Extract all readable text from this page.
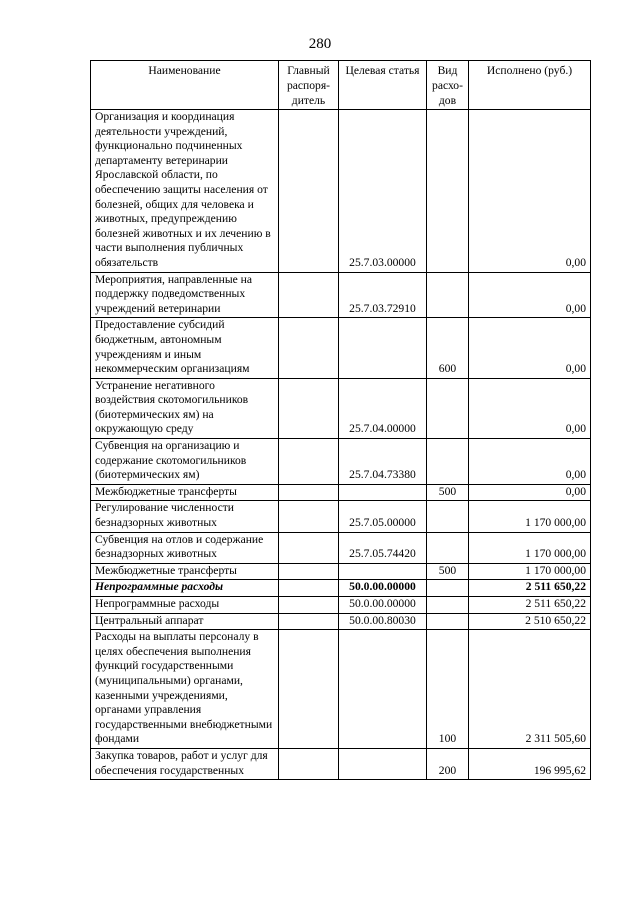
280
Наименование	Главный распоря-дитель	Целевая статья	Вид расхо-дов	Исполнено (руб.)
Организация и координация деятельности учреждений, функционально подчиненных департаменту ветеринарии Ярославской области, по обеспечению защиты населения от болезней, общих для человека и животных, предупреждению болезней животных и их лечению в части выполнения публичных обязательств		25.7.03.00000		0,00
Мероприятия, направленные на поддержку подведомственных учреждений ветеринарии		25.7.03.72910		0,00
Предоставление субсидий бюджетным, автономным учреждениям и иным некоммерческим организациям			600	0,00
Устранение негативного воздействия скотомогильников (биотермических ям) на окружающую среду		25.7.04.00000		0,00
Субвенция на организацию и содержание скотомогильников (биотермических ям)		25.7.04.73380		0,00
Межбюджетные трансферты			500	0,00
Регулирование численности безнадзорных животных		25.7.05.00000		1 170 000,00
Субвенция на отлов и содержание безнадзорных животных		25.7.05.74420		1 170 000,00
Межбюджетные трансферты			500	1 170 000,00
Непрограммные расходы		50.0.00.00000		2 511 650,22
Непрограммные расходы		50.0.00.00000		2 511 650,22
Центральный аппарат		50.0.00.80030		2 510 650,22
Расходы на выплаты персоналу в целях обеспечения выполнения функций государственными (муниципальными) органами, казенными учреждениями, органами управления государственными внебюджетными фондами			100	2 311 505,60
Закупка товаров, работ и услуг для обеспечения государственных			200	196 995,62
